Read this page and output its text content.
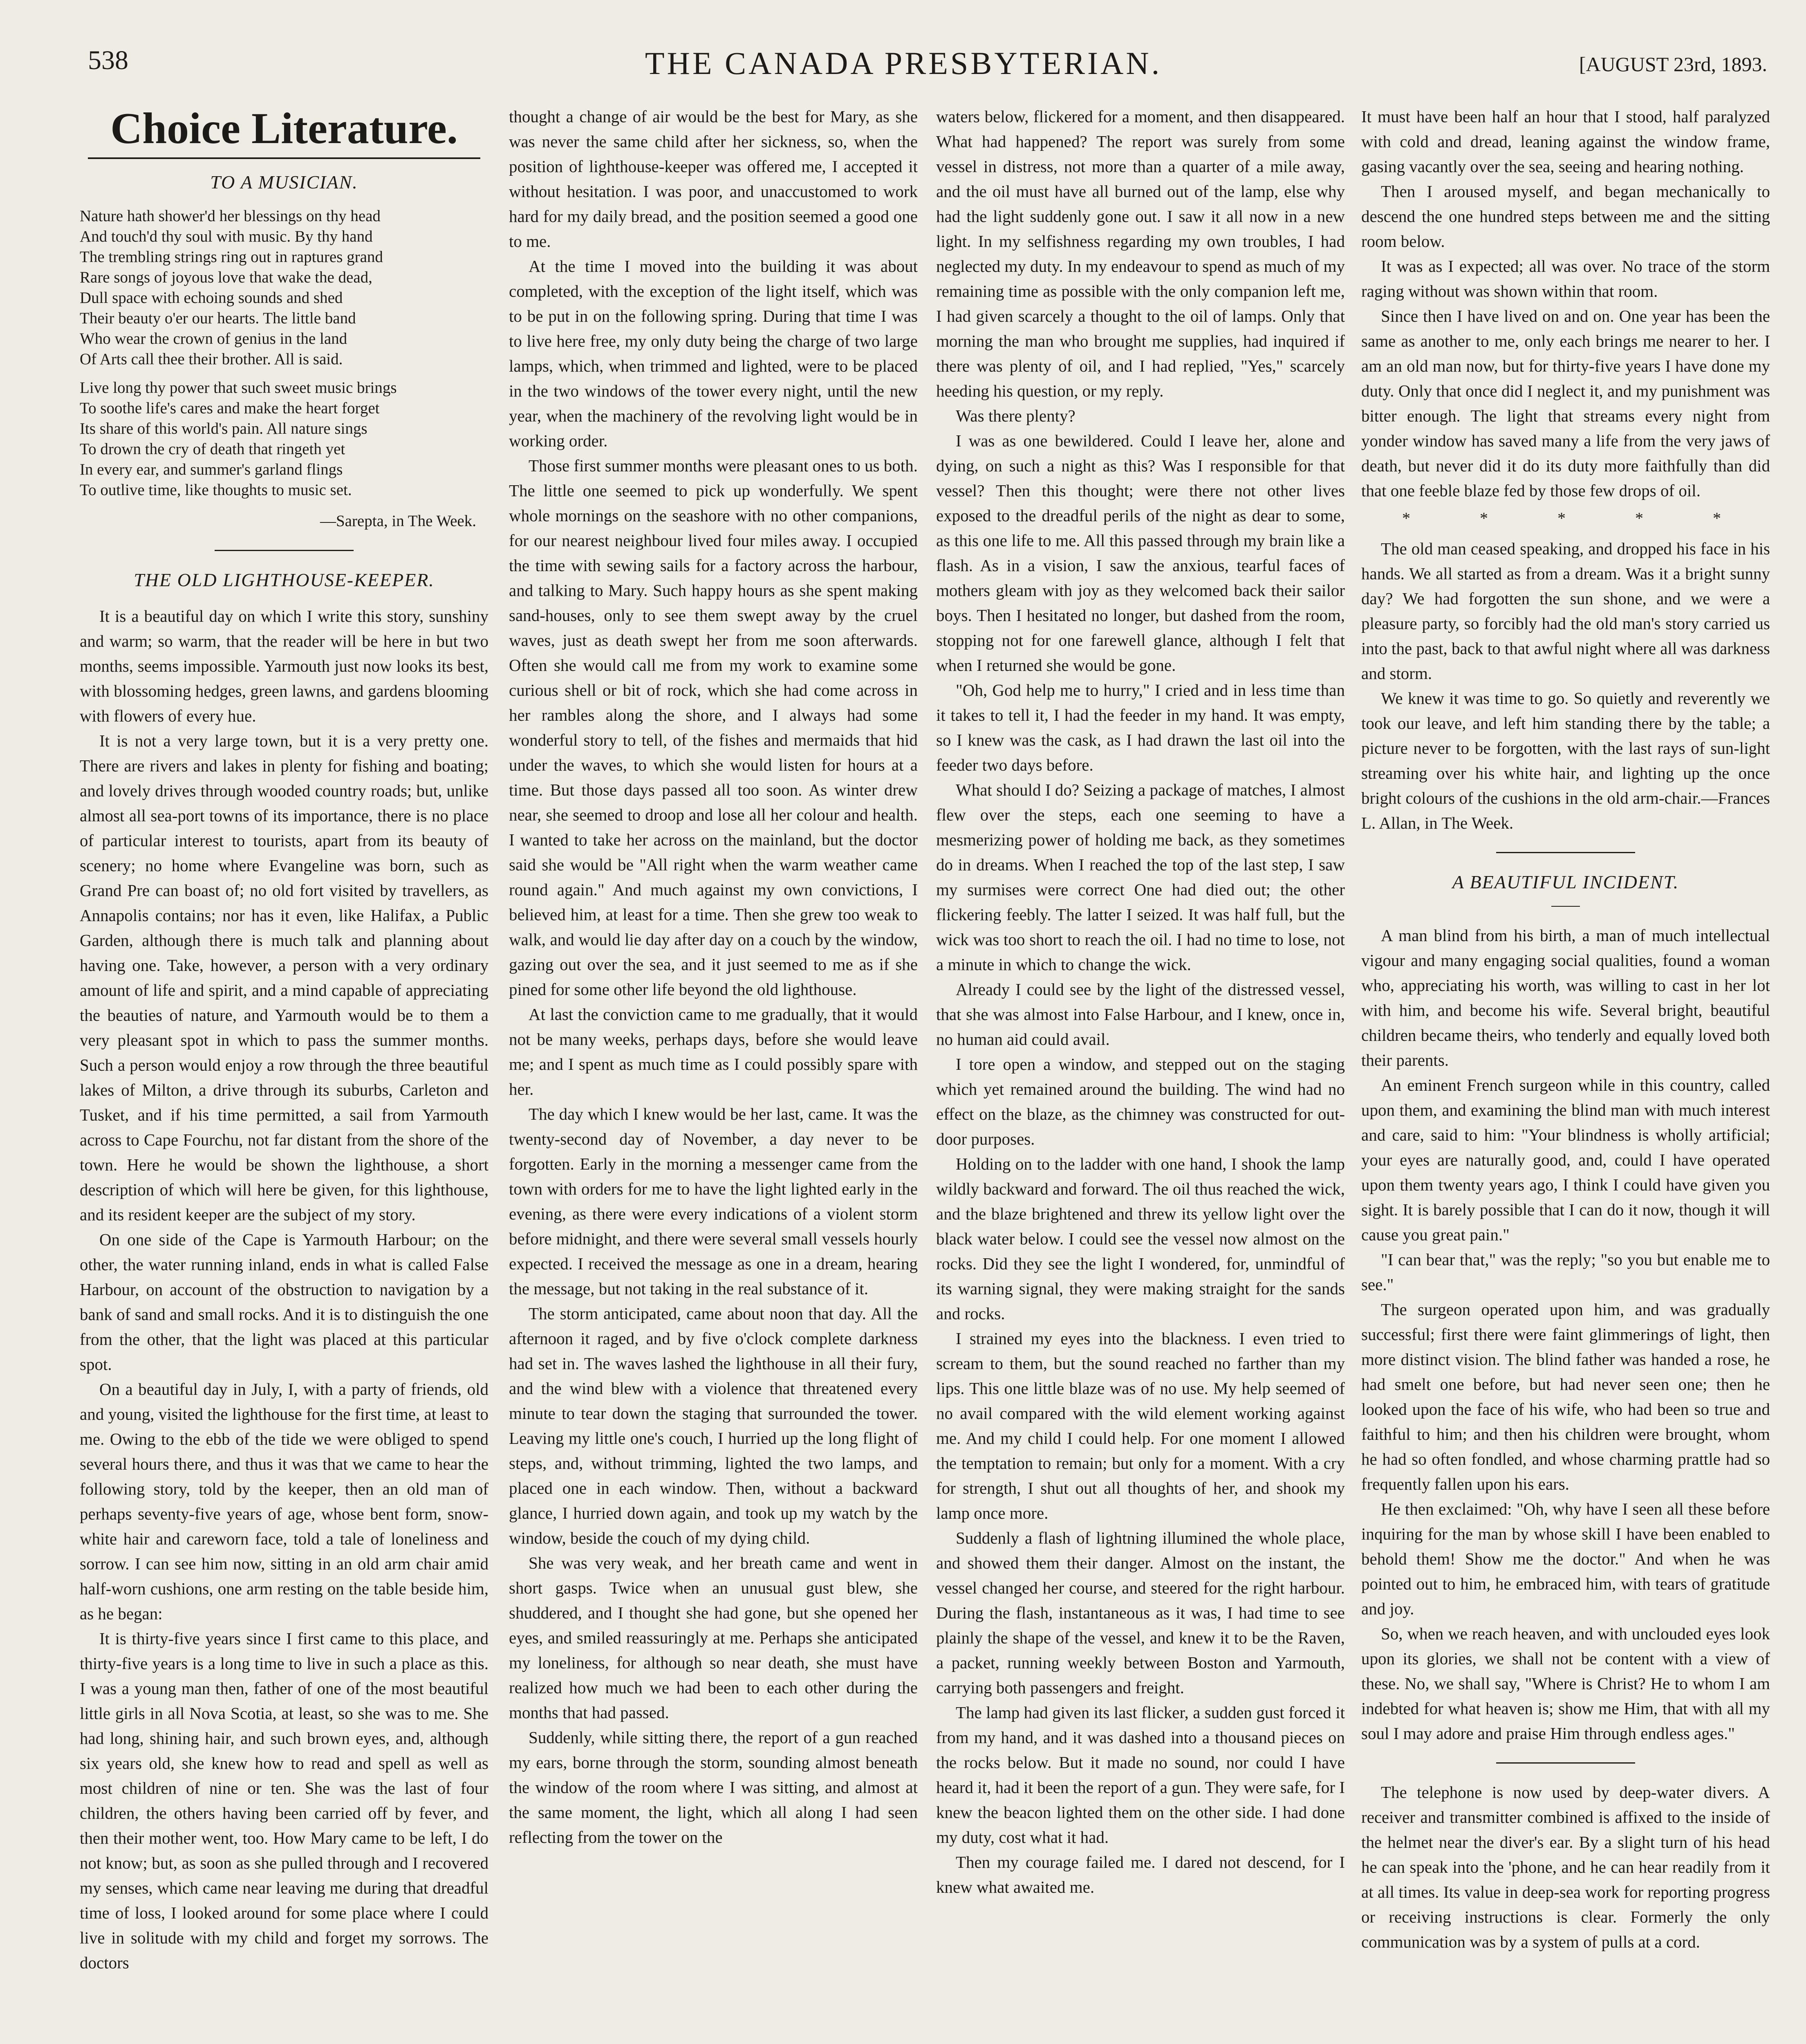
538	THE CANADA PRESBYTERIAN.	[AUGUST 23rd, 1893.
Choice Literature.
TO A MUSICIAN.
Nature hath shower'd her blessings on thy head
And touch'd thy soul with music. By thy hand
The trembling strings ring out in raptures grand
Rare songs of joyous love that wake the dead,
Dull space with echoing sounds and shed
Their beauty o'er our hearts. The little band
Who wear the crown of genius in the land
Of Arts call thee their brother. All is said.
Live long thy power that such sweet music brings
To soothe life's cares and make the heart forget
Its share of this world's pain. All nature sings
To drown the cry of death that ringeth yet
In every ear, and summer's garland flings
To outlive time, like thoughts to music set.
—Sarepta, in The Week.
THE OLD LIGHTHOUSE-KEEPER.

It is a beautiful day on which I write this story, sunshiny and warm; so warm, that the reader will be here in but two months, seems impossible. Yarmouth just now looks its best, with blossoming hedges, green lawns, and gardens blooming with flowers of every hue.

It is not a very large town, but it is a very pretty one. There are rivers and lakes in plenty for fishing and boating; and lovely drives through wooded country roads; but, unlike almost all sea-port towns of its importance, there is no place of particular interest to tourists, apart from its beauty of scenery; no home where Evangeline was born, such as Grand Pre can boast of; no old fort visited by travellers, as Annapolis contains; nor has it even, like Halifax, a Public Garden, although there is much talk and planning about having one. Take, however, a person with a very ordinary amount of life and spirit, and a mind capable of appreciating the beauties of nature, and Yarmouth would be to them a very pleasant spot in which to pass the summer months. Such a person would enjoy a row through the three beautiful lakes of Milton, a drive through its suburbs, Carleton and Tusket, and if his time permitted, a sail from Yarmouth across to Cape Fourchu, not far distant from the shore of the town. Here he would be shown the lighthouse, a short description of which will here be given, for this lighthouse, and its resident keeper are the subject of my story.

On one side of the Cape is Yarmouth Harbour; on the other, the water running inland, ends in what is called False Harbour, on account of the obstruction to navigation by a bank of sand and small rocks. And it is to distinguish the one from the other, that the light was placed at this particular spot.

On a beautiful day in July, I, with a party of friends, old and young, visited the lighthouse for the first time, at least to me. Owing to the ebb of the tide we were obliged to spend several hours there, and thus it was that we came to hear the following story, told by the keeper, then an old man of perhaps seventy-five years of age, whose bent form, snow-white hair and careworn face, told a tale of loneliness and sorrow. I can see him now, sitting in an old arm chair amid half-worn cushions, one arm resting on the table beside him, as he began:

It is thirty-five years since I first came to this place, and thirty-five years is a long time to live in such a place as this. I was a young man then, father of one of the most beautiful little girls in all Nova Scotia, at least, so she was to me. She had long, shining hair, and such brown eyes, and, although six years old, she knew how to read and spell as well as most children of nine or ten. She was the last of four children, the others having been carried off by fever, and then their mother went, too. How Mary came to be left, I do not know; but, as soon as she pulled through and I recovered my senses, which came near leaving me during that dreadful time of loss, I looked around for some place where I could live in solitude with my child and forget my sorrows. The doctors

thought a change of air would be the best for Mary, as she was never the same child after her sickness, so, when the position of lighthouse-keeper was offered me, I accepted it without hesitation. I was poor, and unaccustomed to work hard for my daily bread, and the position seemed a good one to me.

At the time I moved into the building it was about completed, with the exception of the light itself, which was to be put in on the following spring. During that time I was to live here free, my only duty being the charge of two large lamps, which, when trimmed and lighted, were to be placed in the two windows of the tower every night, until the new year, when the machinery of the revolving light would be in working order.

Those first summer months were pleasant ones to us both. The little one seemed to pick up wonderfully. We spent whole mornings on the seashore with no other companions, for our nearest neighbour lived four miles away. I occupied the time with sewing sails for a factory across the harbour, and talking to Mary. Such happy hours as she spent making sand-houses, only to see them swept away by the cruel waves, just as death swept her from me soon afterwards. Often she would call me from my work to examine some curious shell or bit of rock, which she had come across in her rambles along the shore, and I always had some wonderful story to tell, of the fishes and mermaids that hid under the waves, to which she would listen for hours at a time. But those days passed all too soon. As winter drew near, she seemed to droop and lose all her colour and health. I wanted to take her across on the mainland, but the doctor said she would be "All right when the warm weather came round again." And much against my own convictions, I believed him, at least for a time. Then she grew too weak to walk, and would lie day after day on a couch by the window, gazing out over the sea, and it just seemed to me as if she pined for some other life beyond the old lighthouse.

At last the conviction came to me gradually, that it would not be many weeks, perhaps days, before she would leave me; and I spent as much time as I could possibly spare with her.

The day which I knew would be her last, came. It was the twenty-second day of November, a day never to be forgotten. Early in the morning a messenger came from the town with orders for me to have the light lighted early in the evening, as there were every indications of a violent storm before midnight, and there were several small vessels hourly expected. I received the message as one in a dream, hearing the message, but not taking in the real substance of it.

The storm anticipated, came about noon that day. All the afternoon it raged, and by five o'clock complete darkness had set in. The waves lashed the lighthouse in all their fury, and the wind blew with a violence that threatened every minute to tear down the staging that surrounded the tower. Leaving my little one's couch, I hurried up the long flight of steps, and, without trimming, lighted the two lamps, and placed one in each window. Then, without a backward glance, I hurried down again, and took up my watch by the window, beside the couch of my dying child.

She was very weak, and her breath came and went in short gasps. Twice when an unusual gust blew, she shuddered, and I thought she had gone, but she opened her eyes, and smiled reassuringly at me. Perhaps she anticipated my loneliness, for although so near death, she must have realized how much we had been to each other during the months that had passed.

Suddenly, while sitting there, the report of a gun reached my ears, borne through the storm, sounding almost beneath the window of the room where I was sitting, and almost at the same moment, the light, which all along I had seen reflecting from the tower on the

waters below, flickered for a moment, and then disappeared. What had happened? The report was surely from some vessel in distress, not more than a quarter of a mile away, and the oil must have all burned out of the lamp, else why had the light suddenly gone out. I saw it all now in a new light. In my selfishness regarding my own troubles, I had neglected my duty. In my endeavour to spend as much of my remaining time as possible with the only companion left me, I had given scarcely a thought to the oil of lamps. Only that morning the man who brought me supplies, had inquired if there was plenty of oil, and I had replied, "Yes," scarcely heeding his question, or my reply.

Was there plenty?

I was as one bewildered. Could I leave her, alone and dying, on such a night as this? Was I responsible for that vessel? Then this thought; were there not other lives exposed to the dreadful perils of the night as dear to some, as this one life to me. All this passed through my brain like a flash. As in a vision, I saw the anxious, tearful faces of mothers gleam with joy as they welcomed back their sailor boys. Then I hesitated no longer, but dashed from the room, stopping not for one farewell glance, although I felt that when I returned she would be gone.

"Oh, God help me to hurry," I cried and in less time than it takes to tell it, I had the feeder in my hand. It was empty, so I knew was the cask, as I had drawn the last oil into the feeder two days before.

What should I do? Seizing a package of matches, I almost flew over the steps, each one seeming to have a mesmerizing power of holding me back, as they sometimes do in dreams. When I reached the top of the last step, I saw my surmises were correct One had died out; the other flickering feebly. The latter I seized. It was half full, but the wick was too short to reach the oil. I had no time to lose, not a minute in which to change the wick.

Already I could see by the light of the distressed vessel, that she was almost into False Harbour, and I knew, once in, no human aid could avail.

I tore open a window, and stepped out on the staging which yet remained around the building. The wind had no effect on the blaze, as the chimney was constructed for out-door purposes.

Holding on to the ladder with one hand, I shook the lamp wildly backward and forward. The oil thus reached the wick, and the blaze brightened and threw its yellow light over the black water below. I could see the vessel now almost on the rocks. Did they see the light I wondered, for, unmindful of its warning signal, they were making straight for the sands and rocks.

I strained my eyes into the blackness. I even tried to scream to them, but the sound reached no farther than my lips. This one little blaze was of no use. My help seemed of no avail compared with the wild element working against me. And my child I could help. For one moment I allowed the temptation to remain; but only for a moment. With a cry for strength, I shut out all thoughts of her, and shook my lamp once more.

Suddenly a flash of lightning illumined the whole place, and showed them their danger. Almost on the instant, the vessel changed her course, and steered for the right harbour. During the flash, instantaneous as it was, I had time to see plainly the shape of the vessel, and knew it to be the Raven, a packet, running weekly between Boston and Yarmouth, carrying both passengers and freight.

The lamp had given its last flicker, a sudden gust forced it from my hand, and it was dashed into a thousand pieces on the rocks below. But it made no sound, nor could I have heard it, had it been the report of a gun. They were safe, for I knew the beacon lighted them on the other side. I had done my duty, cost what it had.

Then my courage failed me. I dared not descend, for I knew what awaited me.

It must have been half an hour that I stood, half paralyzed with cold and dread, leaning against the window frame, gasing vacantly over the sea, seeing and hearing nothing.

Then I aroused myself, and began mechanically to descend the one hundred steps between me and the sitting room below.

It was as I expected; all was over. No trace of the storm raging without was shown within that room.

Since then I have lived on and on. One year has been the same as another to me, only each brings me nearer to her. I am an old man now, but for thirty-five years I have done my duty. Only that once did I neglect it, and my punishment was bitter enough. The light that streams every night from yonder window has saved many a life from the very jaws of death, but never did it do its duty more faithfully than did that one feeble blaze fed by those few drops of oil.

* * * * *

The old man ceased speaking, and dropped his face in his hands. We all started as from a dream. Was it a bright sunny day? We had forgotten the sun shone, and we were a pleasure party, so forcibly had the old man's story carried us into the past, back to that awful night where all was darkness and storm.

We knew it was time to go. So quietly and reverently we took our leave, and left him standing there by the table; a picture never to be forgotten, with the last rays of sun-light streaming over his white hair, and lighting up the once bright colours of the cushions in the old arm-chair.—Frances L. Allan, in The Week.

A BEAUTIFUL INCIDENT.

A man blind from his birth, a man of much intellectual vigour and many engaging social qualities, found a woman who, appreciating his worth, was willing to cast in her lot with him, and become his wife. Several bright, beautiful children became theirs, who tenderly and equally loved both their parents.

An eminent French surgeon while in this country, called upon them, and examining the blind man with much interest and care, said to him: "Your blindness is wholly artificial; your eyes are naturally good, and, could I have operated upon them twenty years ago, I think I could have given you sight. It is barely possible that I can do it now, though it will cause you great pain."

"I can bear that," was the reply; "so you but enable me to see."

The surgeon operated upon him, and was gradually successful; first there were faint glimmerings of light, then more distinct vision. The blind father was handed a rose, he had smelt one before, but had never seen one; then he looked upon the face of his wife, who had been so true and faithful to him; and then his children were brought, whom he had so often fondled, and whose charming prattle had so frequently fallen upon his ears.

He then exclaimed: "Oh, why have I seen all these before inquiring for the man by whose skill I have been enabled to behold them! Show me the doctor." And when he was pointed out to him, he embraced him, with tears of gratitude and joy.

So, when we reach heaven, and with unclouded eyes look upon its glories, we shall not be content with a view of these. No, we shall say, "Where is Christ? He to whom I am indebted for what heaven is; show me Him, that with all my soul I may adore and praise Him through endless ages."

The telephone is now used by deep-water divers. A receiver and transmitter combined is affixed to the inside of the helmet near the diver's ear. By a slight turn of his head he can speak into the 'phone, and he can hear readily from it at all times. Its value in deep-sea work for reporting progress or receiving instructions is clear. Formerly the only communication was by a system of pulls at a cord.
